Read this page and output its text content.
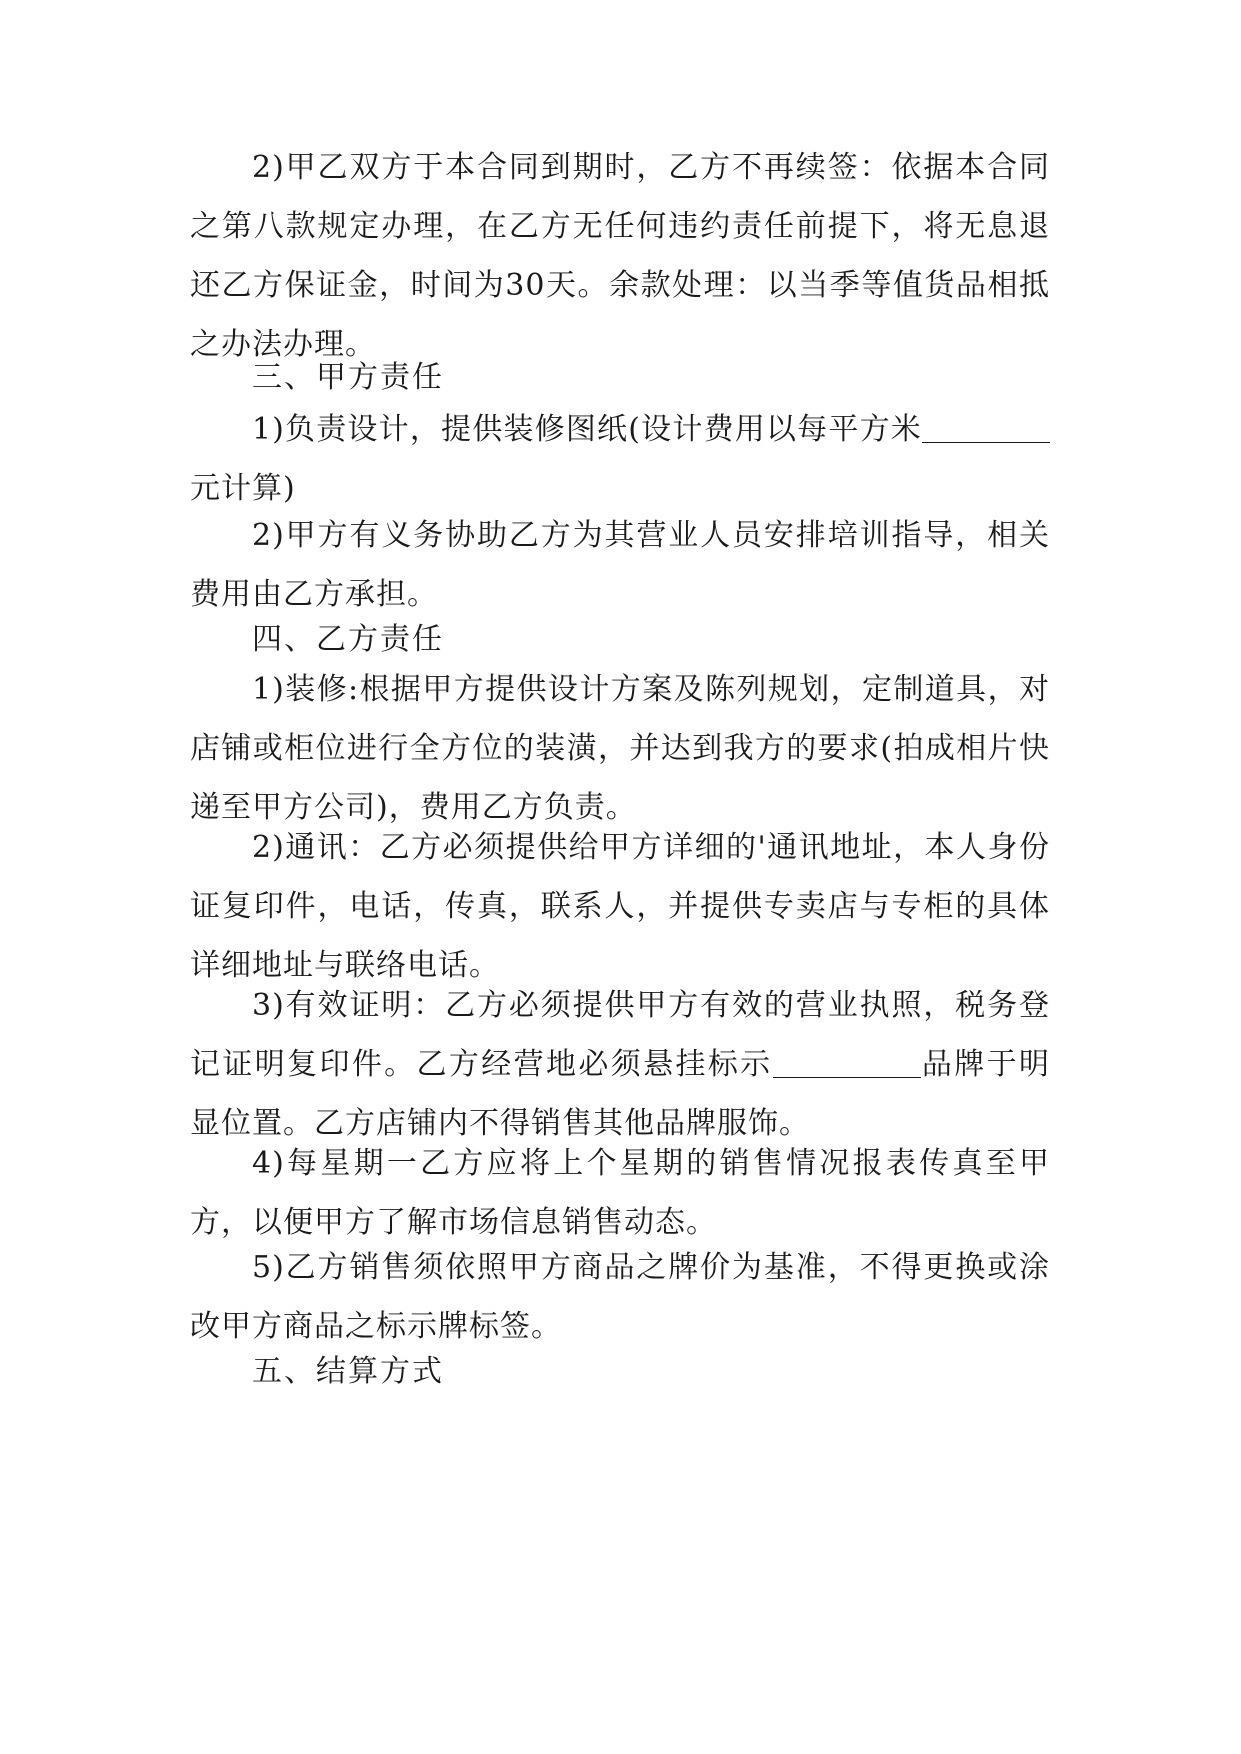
2)甲乙双方于本合同到期时，乙方不再续签：依据本合同之第八款规定办理，在乙方无任何违约责任前提下，将无息退还乙方保证金，时间为30天。余款处理：以当季等值货品相抵之办法办理。

三、甲方责任

1)负责设计，提供装修图纸(设计费用以每平方米元计算)

2)甲方有义务协助乙方为其营业人员安排培训指导，相关费用由乙方承担。

四、乙方责任

1)装修:根据甲方提供设计方案及陈列规划，定制道具，对店铺或柜位进行全方位的装潢，并达到我方的要求(拍成相片快递至甲方公司)，费用乙方负责。

2)通讯：乙方必须提供给甲方详细的'通讯地址，本人身份证复印件，电话，传真，联系人，并提供专卖店与专柜的具体详细地址与联络电话。

3)有效证明：乙方必须提供甲方有效的营业执照，税务登记证明复印件。乙方经营地必须悬挂标示	品牌于明显位置。乙方店铺内不得销售其他品牌服饰。

4)每星期一乙方应将上个星期的销售情况报表传真至甲方，以便甲方了解市场信息销售动态。

5)乙方销售须依照甲方商品之牌价为基准，不得更换或涂改甲方商品之标示牌标签。

五、结算方式
